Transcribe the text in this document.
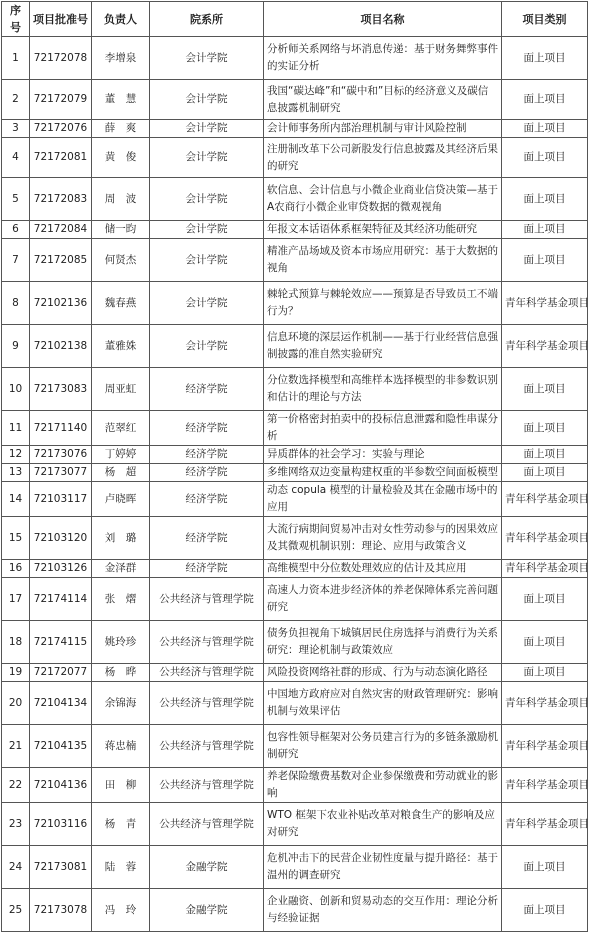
序号	项目批准号	负责人	院系所	项目名称	项目类别
1	72172078	李增泉	会计学院	分析师关系网络与坏消息传递：基于财务舞弊事件的实证分析	面上项目
2	72172079	董　慧	会计学院	我国“碳达峰”和“碳中和”目标的经济意义及碳信息披露机制研究	面上项目
3	72172076	薛　爽	会计学院	会计师事务所内部治理机制与审计风险控制	面上项目
4	72172081	黄　俊	会计学院	注册制改革下公司新股发行信息披露及其经济后果的研究	面上项目
5	72172083	周　波	会计学院	软信息、会计信息与小微企业商业信贷决策—基于A农商行小微企业审贷数据的微观视角	面上项目
6	72172084	储一昀	会计学院	年报文本话语体系框架特征及其经济功能研究	面上项目
7	72172085	何贤杰	会计学院	精准产品场域及资本市场应用研究：基于大数据的视角	面上项目
8	72102136	魏春燕	会计学院	棘轮式预算与棘轮效应——预算是否导致员工不端行为？	青年科学基金项目
9	72102138	董雅姝	会计学院	信息环境的深层运作机制——基于行业经营信息强制披露的准自然实验研究	青年科学基金项目
10	72173083	周亚虹	经济学院	分位数选择模型和高维样本选择模型的非参数识别和估计的理论与方法	面上项目
11	72171140	范翠红	经济学院	第一价格密封拍卖中的投标信息泄露和隐性串谋分析	面上项目
12	72173076	丁婷婷	经济学院	异质群体的社会学习：实验与理论	面上项目
13	72173077	杨　超	经济学院	多维网络双边变量构建权重的半参数空间面板模型	面上项目
14	72103117	卢晓晖	经济学院	动态 copula 模型的计量检验及其在金融市场中的应用	青年科学基金项目
15	72103120	刘　璐	经济学院	大流行病期间贸易冲击对女性劳动参与的因果效应及其微观机制识别：理论、应用与政策含义	青年科学基金项目
16	72103126	金泽群	经济学院	高维模型中分位数处理效应的估计及其应用	青年科学基金项目
17	72174114	张　熠	公共经济与管理学院	高速人力资本进步经济体的养老保障体系完善问题研究	面上项目
18	72174115	姚玲珍	公共经济与管理学院	债务负担视角下城镇居民住房选择与消费行为关系研究：理论机制与政策效应	面上项目
19	72172077	杨　晔	公共经济与管理学院	风险投资网络社群的形成、行为与动态演化路径	面上项目
20	72104134	余锦海	公共经济与管理学院	中国地方政府应对自然灾害的财政管理研究：影响机制与效果评估	青年科学基金项目
21	72104135	蒋忠楠	公共经济与管理学院	包容性领导框架对公务员建言行为的多链条激励机制研究	青年科学基金项目
22	72104136	田　柳	公共经济与管理学院	养老保险缴费基数对企业参保缴费和劳动就业的影响	青年科学基金项目
23	72103116	杨　青	公共经济与管理学院	WTO 框架下农业补贴改革对粮食生产的影响及应对研究	青年科学基金项目
24	72173081	陆　蓉	金融学院	危机冲击下的民营企业韧性度量与提升路径：基于温州的调查研究	面上项目
25	72173078	冯　玲	金融学院	企业融资、创新和贸易动态的交互作用：理论分析与经验证据	面上项目
